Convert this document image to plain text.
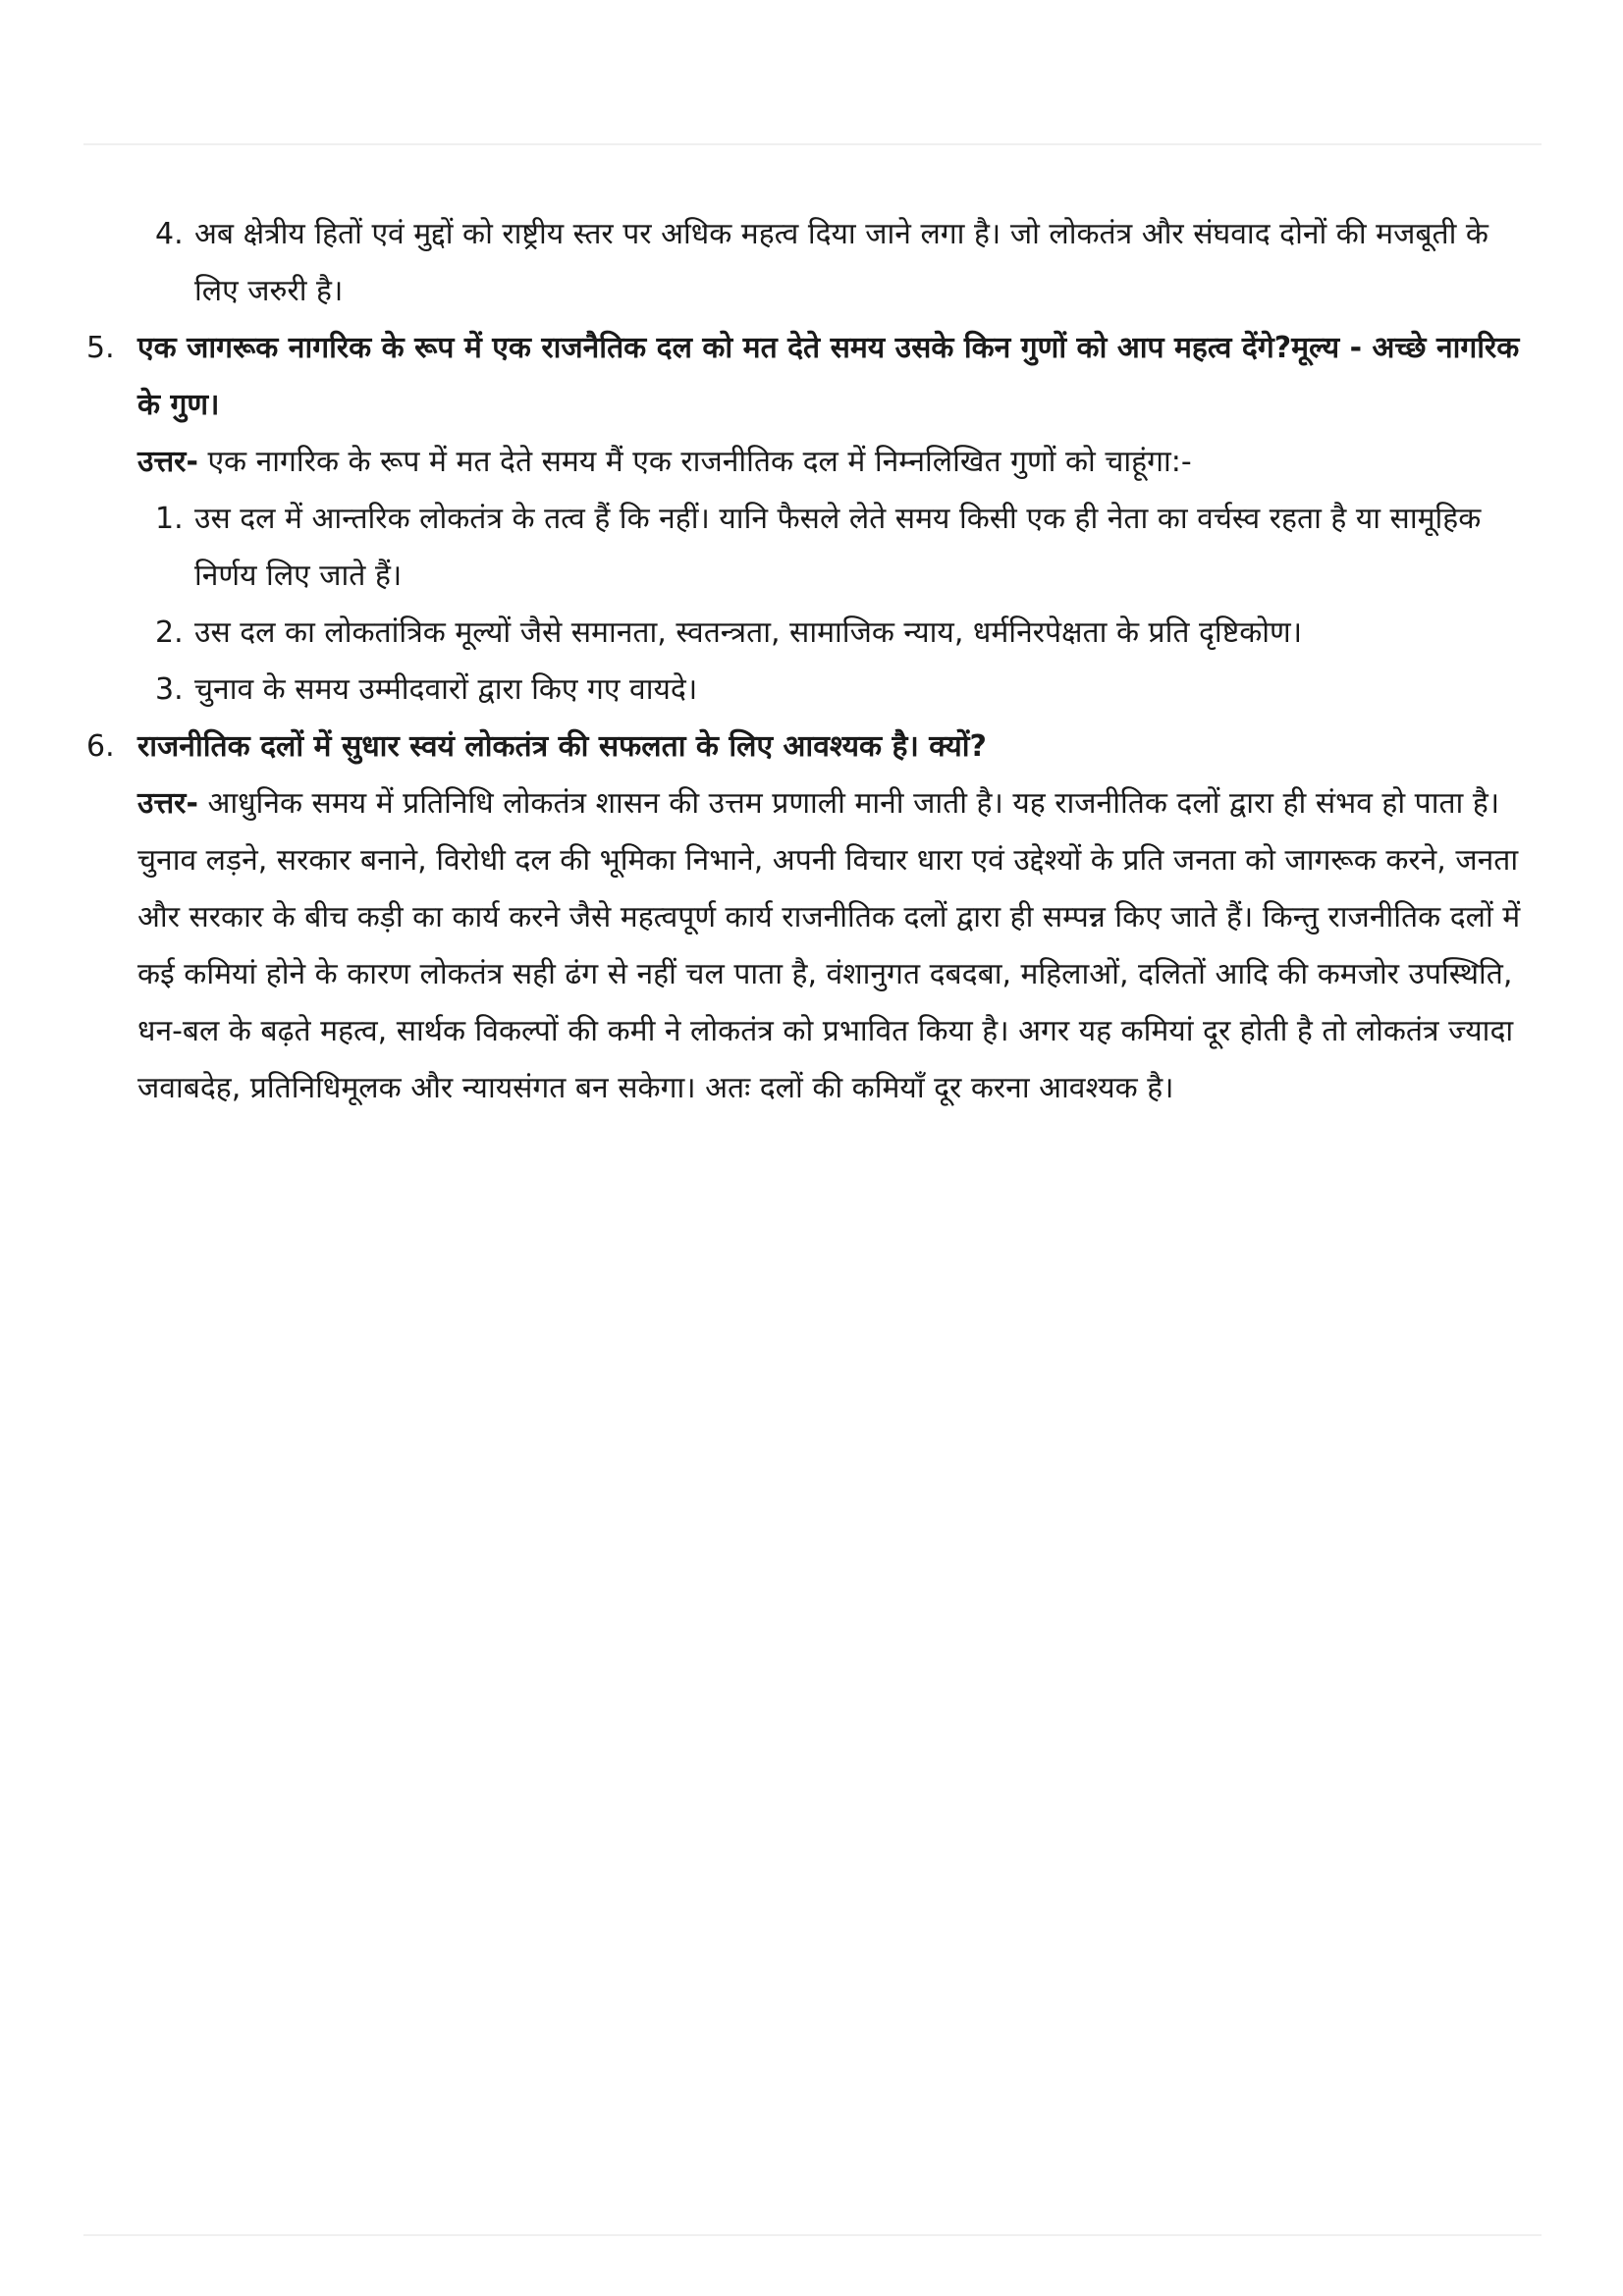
4. अब क्षेत्रीय हितों एवं मुद्दों को राष्ट्रीय स्तर पर अधिक महत्व दिया जाने लगा है। जो लोकतंत्र और संघवाद दोनों की मजबूती के लिए जरुरी है।
5. एक जागरूक नागरिक के रूप में एक राजनैतिक दल को मत देते समय उसके किन गुणों को आप महत्व देंगे?मूल्य - अच्छे नागरिक के गुण।
उत्तर- एक नागरिक के रूप में मत देते समय मैं एक राजनीतिक दल में निम्नलिखित गुणों को चाहूंगा:-
1. उस दल में आन्तरिक लोकतंत्र के तत्व हैं कि नहीं। यानि फैसले लेते समय किसी एक ही नेता का वर्चस्व रहता है या सामूहिक निर्णय लिए जाते हैं।
2. उस दल का लोकतांत्रिक मूल्यों जैसे समानता, स्वतन्त्रता, सामाजिक न्याय, धर्मनिरपेक्षता के प्रति दृष्टिकोण।
3. चुनाव के समय उम्मीदवारों द्वारा किए गए वायदे।
6. राजनीतिक दलों में सुधार स्वयं लोकतंत्र की सफलता के लिए आवश्यक है। क्यों?
उत्तर- आधुनिक समय में प्रतिनिधि लोकतंत्र शासन की उत्तम प्रणाली मानी जाती है। यह राजनीतिक दलों द्वारा ही संभव हो पाता है। चुनाव लड़ने, सरकार बनाने, विरोधी दल की भूमिका निभाने, अपनी विचार धारा एवं उद्देश्यों के प्रति जनता को जागरूक करने, जनता और सरकार के बीच कड़ी का कार्य करने जैसे महत्वपूर्ण कार्य राजनीतिक दलों द्वारा ही सम्पन्न किए जाते हैं। किन्तु राजनीतिक दलों में कई कमियां होने के कारण लोकतंत्र सही ढंग से नहीं चल पाता है, वंशानुगत दबदबा, महिलाओं, दलितों आदि की कमजोर उपस्थिति, धन-बल के बढ़ते महत्व, सार्थक विकल्पों की कमी ने लोकतंत्र को प्रभावित किया है। अगर यह कमियां दूर होती है तो लोकतंत्र ज्यादा जवाबदेह, प्रतिनिधिमूलक और न्यायसंगत बन सकेगा। अतः दलों की कमियाँ दूर करना आवश्यक है।
